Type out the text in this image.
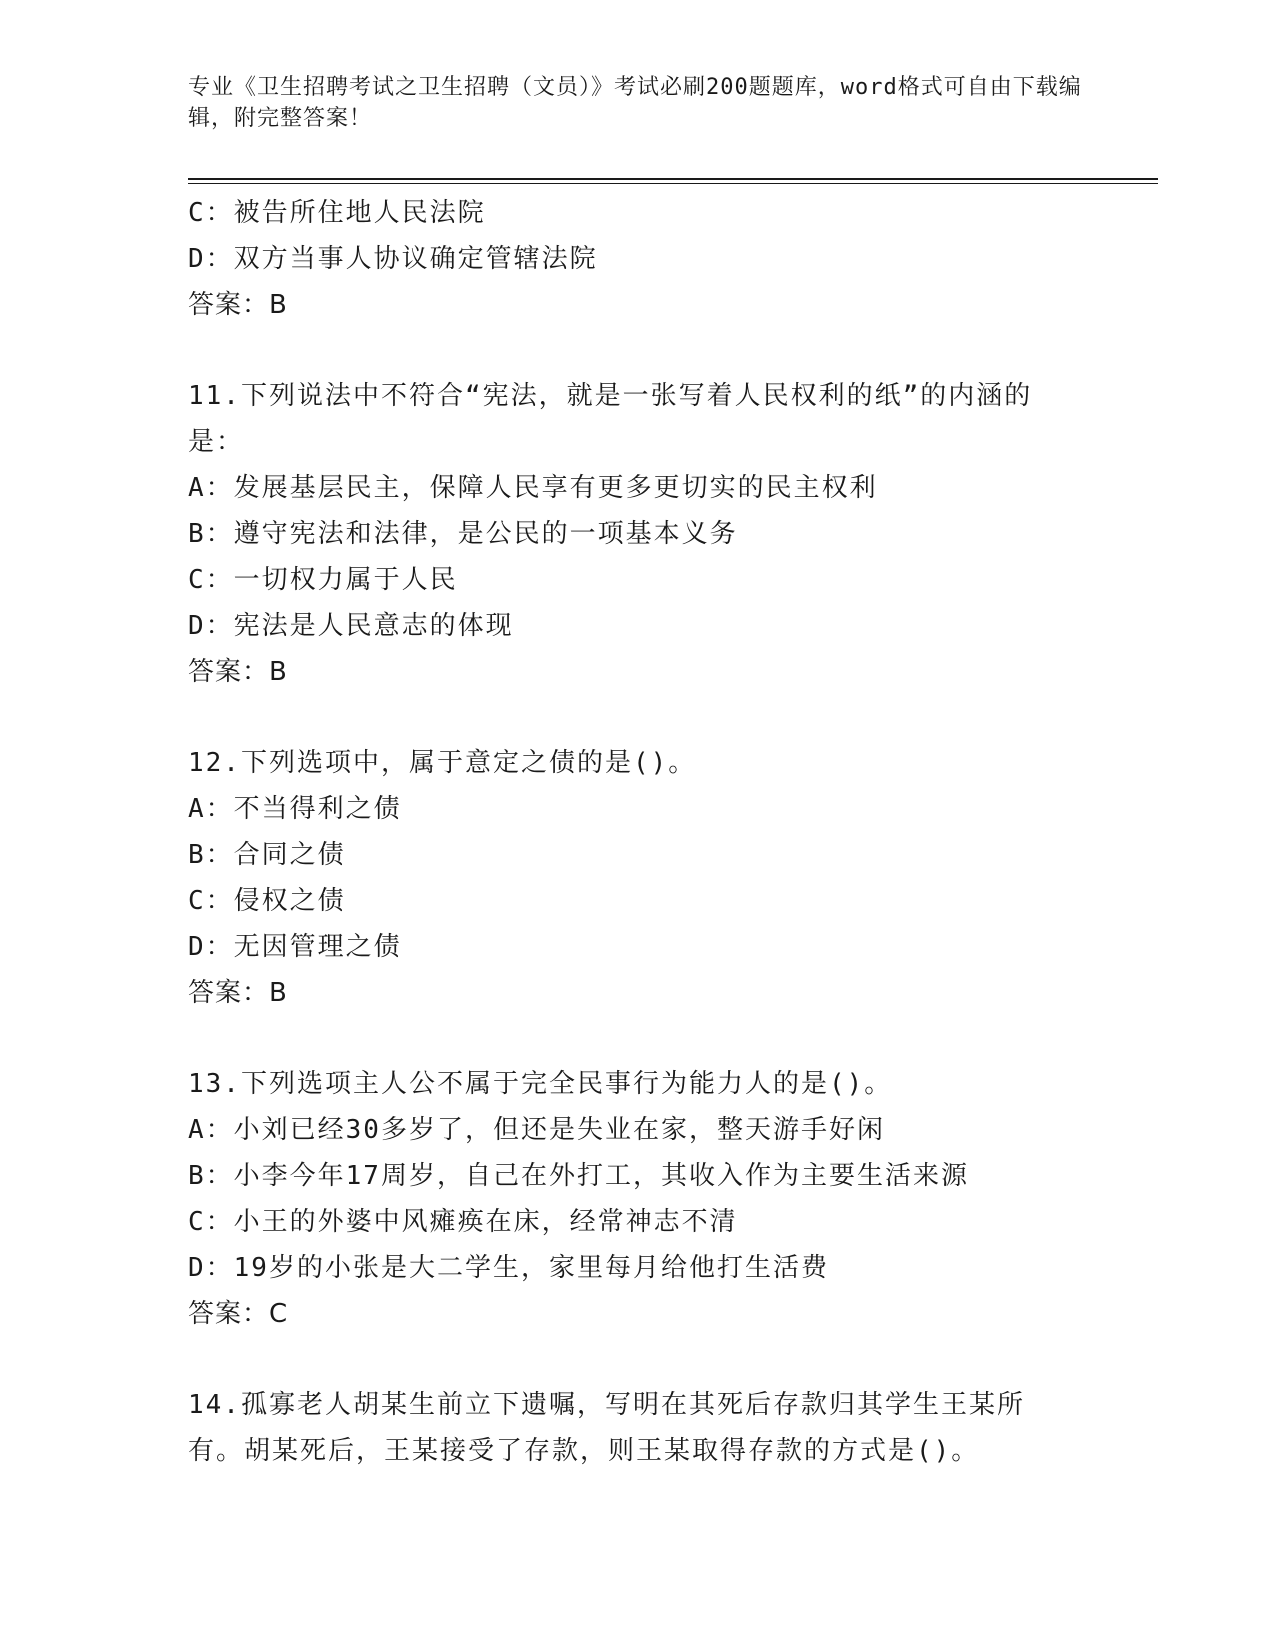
专业《卫生招聘考试之卫生招聘（文员）》考试必刷200题题库，word格式可自由下载编辑，附完整答案！
C：被告所住地人民法院
D：双方当事人协议确定管辖法院
答案：B
11.下列说法中不符合“宪法，就是一张写着人民权利的纸”的内涵的是：
A：发展基层民主，保障人民享有更多更切实的民主权利
B：遵守宪法和法律，是公民的一项基本义务
C：一切权力属于人民
D：宪法是人民意志的体现
答案：B
12.下列选项中，属于意定之债的是()。
A：不当得利之债
B：合同之债
C：侵权之债
D：无因管理之债
答案：B
13.下列选项主人公不属于完全民事行为能力人的是()。
A：小刘已经30多岁了，但还是失业在家，整天游手好闲
B：小李今年17周岁，自己在外打工，其收入作为主要生活来源
C：小王的外婆中风瘫痪在床，经常神志不清
D：19岁的小张是大二学生，家里每月给他打生活费
答案：C
14.孤寡老人胡某生前立下遗嘱，写明在其死后存款归其学生王某所有。胡某死后，王某接受了存款，则王某取得存款的方式是()。
